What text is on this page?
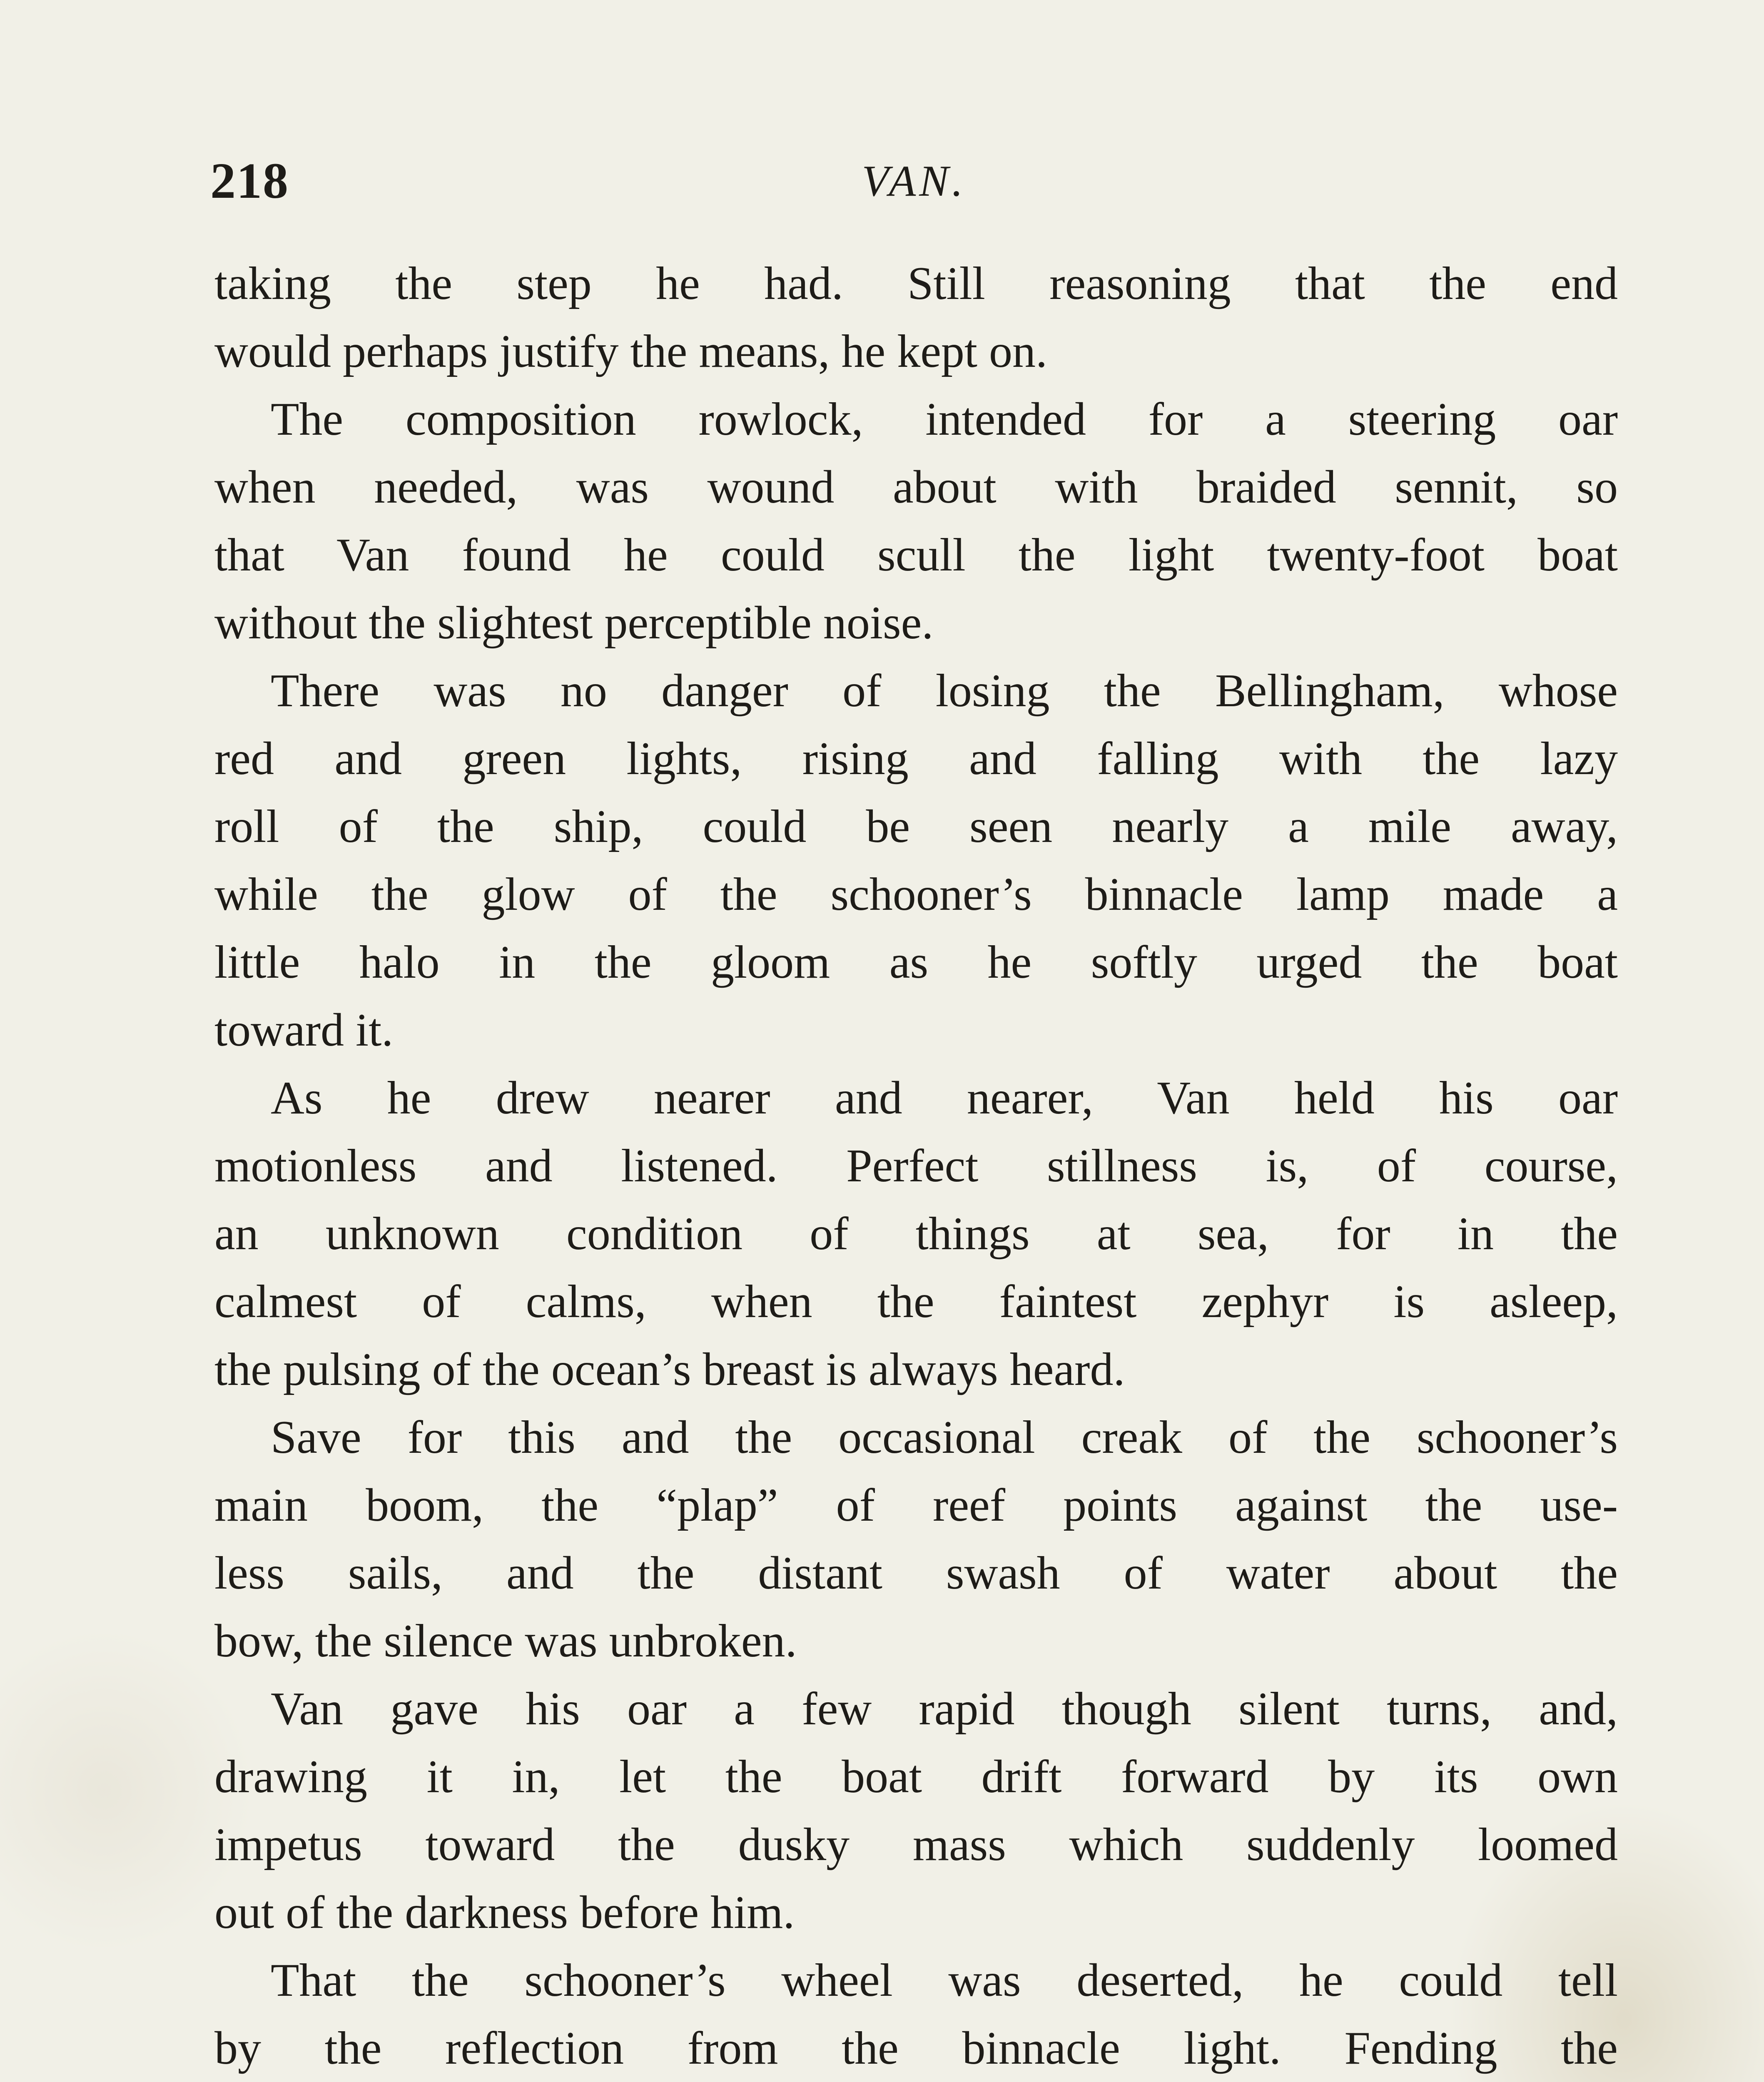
218	VAN.
taking the step he had. Still reasoning that the end
would perhaps justify the means, he kept on.
The composition rowlock, intended for a steering oar
when needed, was wound about with braided sennit, so
that Van found he could scull the light twenty-foot boat
without the slightest perceptible noise.
There was no danger of losing the Bellingham, whose
red and green lights, rising and falling with the lazy
roll of the ship, could be seen nearly a mile away,
while the glow of the schooner’s binnacle lamp made a
little halo in the gloom as he softly urged the boat
toward it.
As he drew nearer and nearer, Van held his oar
motionless and listened. Perfect stillness is, of course,
an unknown condition of things at sea, for in the
calmest of calms, when the faintest zephyr is asleep,
the pulsing of the ocean’s breast is always heard.
Save for this and the occasional creak of the schooner’s
main boom, the “plap” of reef points against the use-
less sails, and the distant swash of water about the
bow, the silence was unbroken.
Van gave his oar a few rapid though silent turns, and,
drawing it in, let the boat drift forward by its own
impetus toward the dusky mass which suddenly loomed
out of the darkness before him.
That the schooner’s wheel was deserted, he could tell
by the reflection from the binnacle light. Fending the
